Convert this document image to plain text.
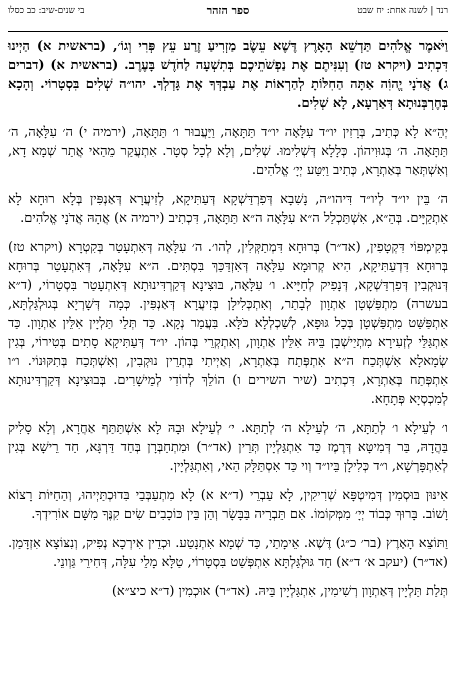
רנד | לשנה אחת: יח שבט
ספר הזהר
בי שנים-שיב: כב כסלו

וַיֹּאמֶר אֱלֹהִים תַּדְשֵׁא הָאָרֶץ דֶּשֶׁא עֵשֶׂב מַזְרִיעַ זֶרַע עֵץ פְּרִי וְגוֹ׳, (בראשית א) הַיְינוּ דִּכְתִיב (ויקרא טז) וְעִנִּיתֶם אֶת נַפְשֹׁתֵיכֶם בְּתִשְׁעָה לַחֹדֶשׁ בָּעֶרֶב. (בראשית א) (דברים ג) אֲדֹנָי יֱהוִֹה אַתָּה הַחִלּוֹתָ לְהַרְאוֹת אֶת עַבְדְּךָ אֶת גָּדְלְךָ. יהו״ה שְׁלִים בִּסְטָרוֹי. וְהָכָא בְּחֶרְבְּנוּתָא דְּאַרְעָא, לָא שְׁלִים.

יְהֵ״א לָא כְּתִיב, בְּרָזִין יו״ד עִלָּאָה יו״ד תַּתָּאָה, וַיַּעֲבוּר ו׳ תַּתָּאָה, (ירמיה י) ה׳ עִלָּאָה, ה׳ תַּתָּאָה. ה׳ בְּגוּוִיהוֹן. כְּלָלָא דְּשְׁלִימוּ. שְׁלִים, וְלָא לְכָל סְטָר. אִתְעֲקַר מֵהַאי אֲתַר שְׁמָא דָא, וְאִשְׁתְּאַר בְּאַתְרָא, כְּתִיב וַיִּטַּע יְיָ׳ אֱלֹהִים.

ה׳ בֵּין יו״ד לְיו״ד דִּיהו״ה, נָשִׁבָא דְּפִרְדַּשְׁקָא דְּעַתִּיקָא, לְזִיעֲרָא דְּאַנְפִּין בְּלָא רוּחָא לָא אִתְקַיָּים. בְּהֵ״א, אִשְׁתַּכְלַל ה״א עִלָּאָה ה״א תַּתָּאָה, דִּכְתִיב (ירמיה א) אֲהָהּ אֲדֹנָי אֱלֹהִים.

בְּקִימְפּוֹי דִּקְטָפִין, (אד״ר) בְּרוּחָא דִּמְתַקְּלִין, לְהו׳. ה׳ עִלָּאָה דְּאִתְעָטַר בְּקִטְרָא (ויקרא טז) בְּרוּחָא דִּדְעַתִּיקָא, הִיא קְרוּמָא עִלָּאָה דְּאִזְדַּכַּךְ בִּסְתִּים. ה״א עִלָּאָה, דְּאִתְעָטַר בְּרוּחָא דְּנוּקְבִין דְּפִרְדַּשְׁקָא, דְּנָפִיק לְחַיָּיא. ו׳ עִלָּאָה, בּוּצִינָא דְּקַרְדִּינוּתָא דְּאִתְעָטַר בִּסְטָרוֹי, (ד״א בעשרה) מִתְפַּשְׁטָן אַתְוָון לְבָתַר, וְאִתְכְּלִילָן בְּזִיעֲרָא דְּאַנְפִּין. כְּמָה דְּשָׁרְיָא בְּגוּלְגַּלְתָּא, אִתְפַּשַּׁט מִתְפַּשְׁטָן בְּכָל גּוּפָא, לְשַׁכְלְלָא כֹּלָּא. בִּעֲמַר נְקָא. כַּד תְּלֵי תַּלְיָין אִלֵּין אַתְוָון. כַּד אִתְגַּלֵּי לְזְעִירָא מִתְיַישְׁבָן בֵּיהּ אִלֵּין אַתְוָון, וְאִתְקְרֵי בְּהוֹן. יו״ד דְּעַתִּיקָא סָתִים בְּטִירוֹי, בְּגִין שְׂמָאלָא אִשְׁתְּכַח ה״א אִתְפְּתַח בְּאַתְרָא, וְאַיְיתִי בְּתְרֵין נוּקְבִין, וְאִשְׁתְּכַח בְּתִקּוּנוֹי. ו״ו אִתְפְּתַח בְּאַתְרָא, דִּכְתִיב (שיר השירים ו) הוֹלֵךְ לְדוֹדִי לְמֵישָׁרִים. בְּבוּצִינָא דְּקַרְדִּינוּתָא לְמִכְסְיָא פְּתָחָא.

ו׳ לְעֵילָא ו׳ לְתַתָּא, ה׳ לְעֵילָא ה׳ לְתַתָּא. י׳ לְעֵילָא וּבָהּ לָא אִשְׁתַּתַּף אַחֲרָא, וְלָא סָלִיק בַּהֲדָהּ, בַּר דְּמִיטָּא דְּרֶמֶז כַּד אִתְגַּלְיָין תְּרֵין (אד״ר) וּמִתְחַבְּרָן בְּחַד דַּרְגָּא, חַד רֵישָׁא בְּגִין לְאִתְפָּרְשָׁא, ו״ד כְּלִילָן בֵּיו״ד וְוי כַּד אִסְתַּלָּק הַאי, וְאִתְגַּלְיָין.

אִינּוּן בּוּסְמִין דְּמִיטְפָּא שְׁרִיקִין, לָא עַבְרֵי (ד״א א) לָא מִתְעַבְּבֵי בִּדוּכְתַּיְיהוּ, וְהַחַיּוֹת רָצוֹא וָשׁוֹב. בָּרוּךְ כְּבוֹד יְיָ׳ מִמְּקוֹמוֹ. אִם תֵּבְרָיה בַּבָּשָׂר וְהַן בֵּין כּוֹכָבִים שִׂים קִנֶּךָ מִשָּׁם אוֹרִידְךָ.

וַתּוֹצֵא הָאָרֶץ (בר׳ כ״ג) דֶּשֶׁא. אֵימָתַי, כַּד שְׁמָא אִתְנָטַע. וּכְדֵין אִירְכָא נְפִיק, וְנִצּוֹצָא אִזְדָּמַן. (אד״ר) (יעקב א׳ ד״א) חַד גּוּלְגַּלְתָּא אִתְפְּשַׁט בִּסְטָרוֹי, טַלָּא מָלֵי עִלָּה, דְּחִירֵי גַּוְונֵי.

תְּלַת תַּלְיָין דְּאַתְוָון רְשִׁימִין, אִתְגַּלְיָין בֵּיהּ. (אד״ר) אוּכְמִין (ד״א כיצ״א)
